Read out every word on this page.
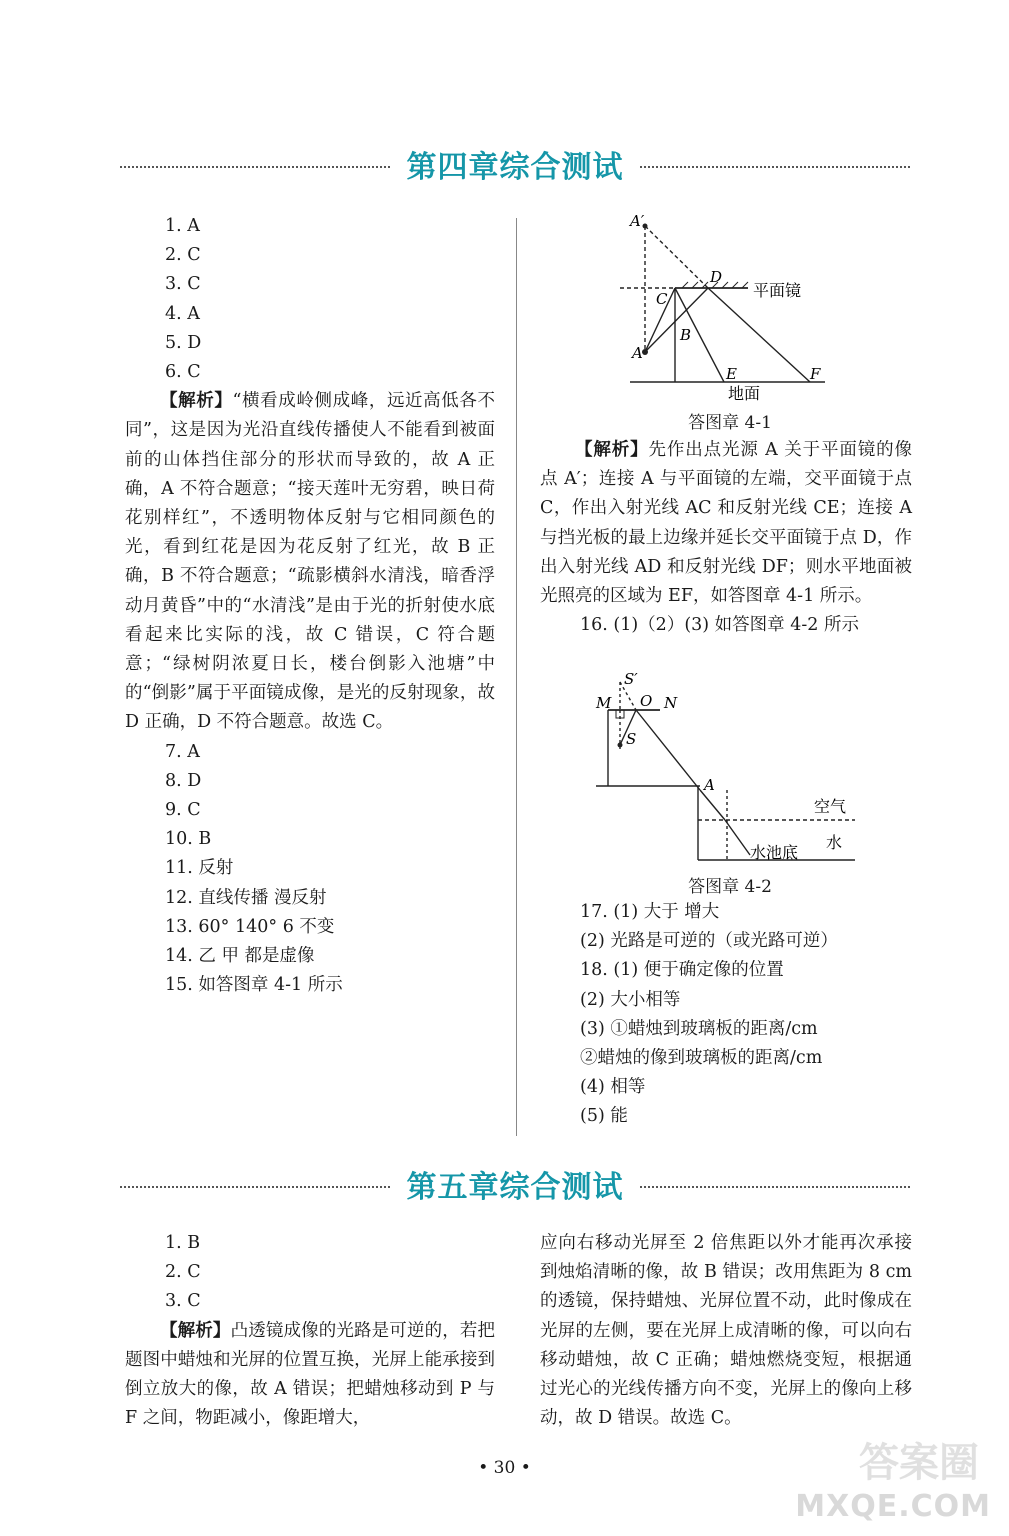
第四章综合测试

1. A

2. C

3. C

4. A

5. D

6. C

【解析】“横看成岭侧成峰，远近高低各不同”，这是因为光沿直线传播使人不能看到被面前的山体挡住部分的形状而导致的，故 A 正确，A 不符合题意；“接天莲叶无穷碧，映日荷花别样红”，不透明物体反射与它相同颜色的光，看到红花是因为花反射了红光，故 B 正确，B 不符合题意；“疏影横斜水清浅，暗香浮动月黄昏”中的“水清浅”是由于光的折射使水底看起来比实际的浅，故 C 错误，C 符合题意；“绿树阴浓夏日长，楼台倒影入池塘”中的“倒影”属于平面镜成像，是光的反射现象，故 D 正确，D 不符合题意。故选 C。

7. A

8. D

9. C

10. B

11. 反射

12. 直线传播 漫反射

13. 60° 140° 6 不变

14. 乙 甲 都是虚像

15. 如答图章 4-1 所示

A′
D
C
B
A
E	F
平面镜
地面
答图章 4-1

【解析】先作出点光源 A 关于平面镜的像点 A′；连接 A 与平面镜的左端，交平面镜于点 C，作出入射光线 AC 和反射光线 CE；连接 A 与挡光板的最上边缘并延长交平面镜于点 D，作出入射光线 AD 和反射光线 DF；则水平地面被光照亮的区域为 EF，如答图章 4-1 所示。

16. (1)（2）(3) 如答图章 4-2 所示

S′
M O N
S
A
空气
水
水池底
答图章 4-2

17. (1) 大于 增大

(2) 光路是可逆的（或光路可逆）

18. (1) 便于确定像的位置

(2) 大小相等

(3) ①蜡烛到玻璃板的距离/cm

②蜡烛的像到玻璃板的距离/cm

(4) 相等

(5) 能

第五章综合测试

1. B

2. C

3. C

【解析】凸透镜成像的光路是可逆的，若把题图中蜡烛和光屏的位置互换，光屏上能承接到倒立放大的像，故 A 错误；把蜡烛移动到 P 与 F 之间，物距减小，像距增大，

应向右移动光屏至 2 倍焦距以外才能再次承接到烛焰清晰的像，故 B 错误；改用焦距为 8 cm 的透镜，保持蜡烛、光屏位置不动，此时像成在光屏的左侧，要在光屏上成清晰的像，可以向右移动蜡烛，故 C 正确；蜡烛燃烧变短，根据通过光心的光线传播方向不变，光屏上的像向上移动，故 D 错误。故选 C。

• 30 •	答案圈
MXQE.COM
